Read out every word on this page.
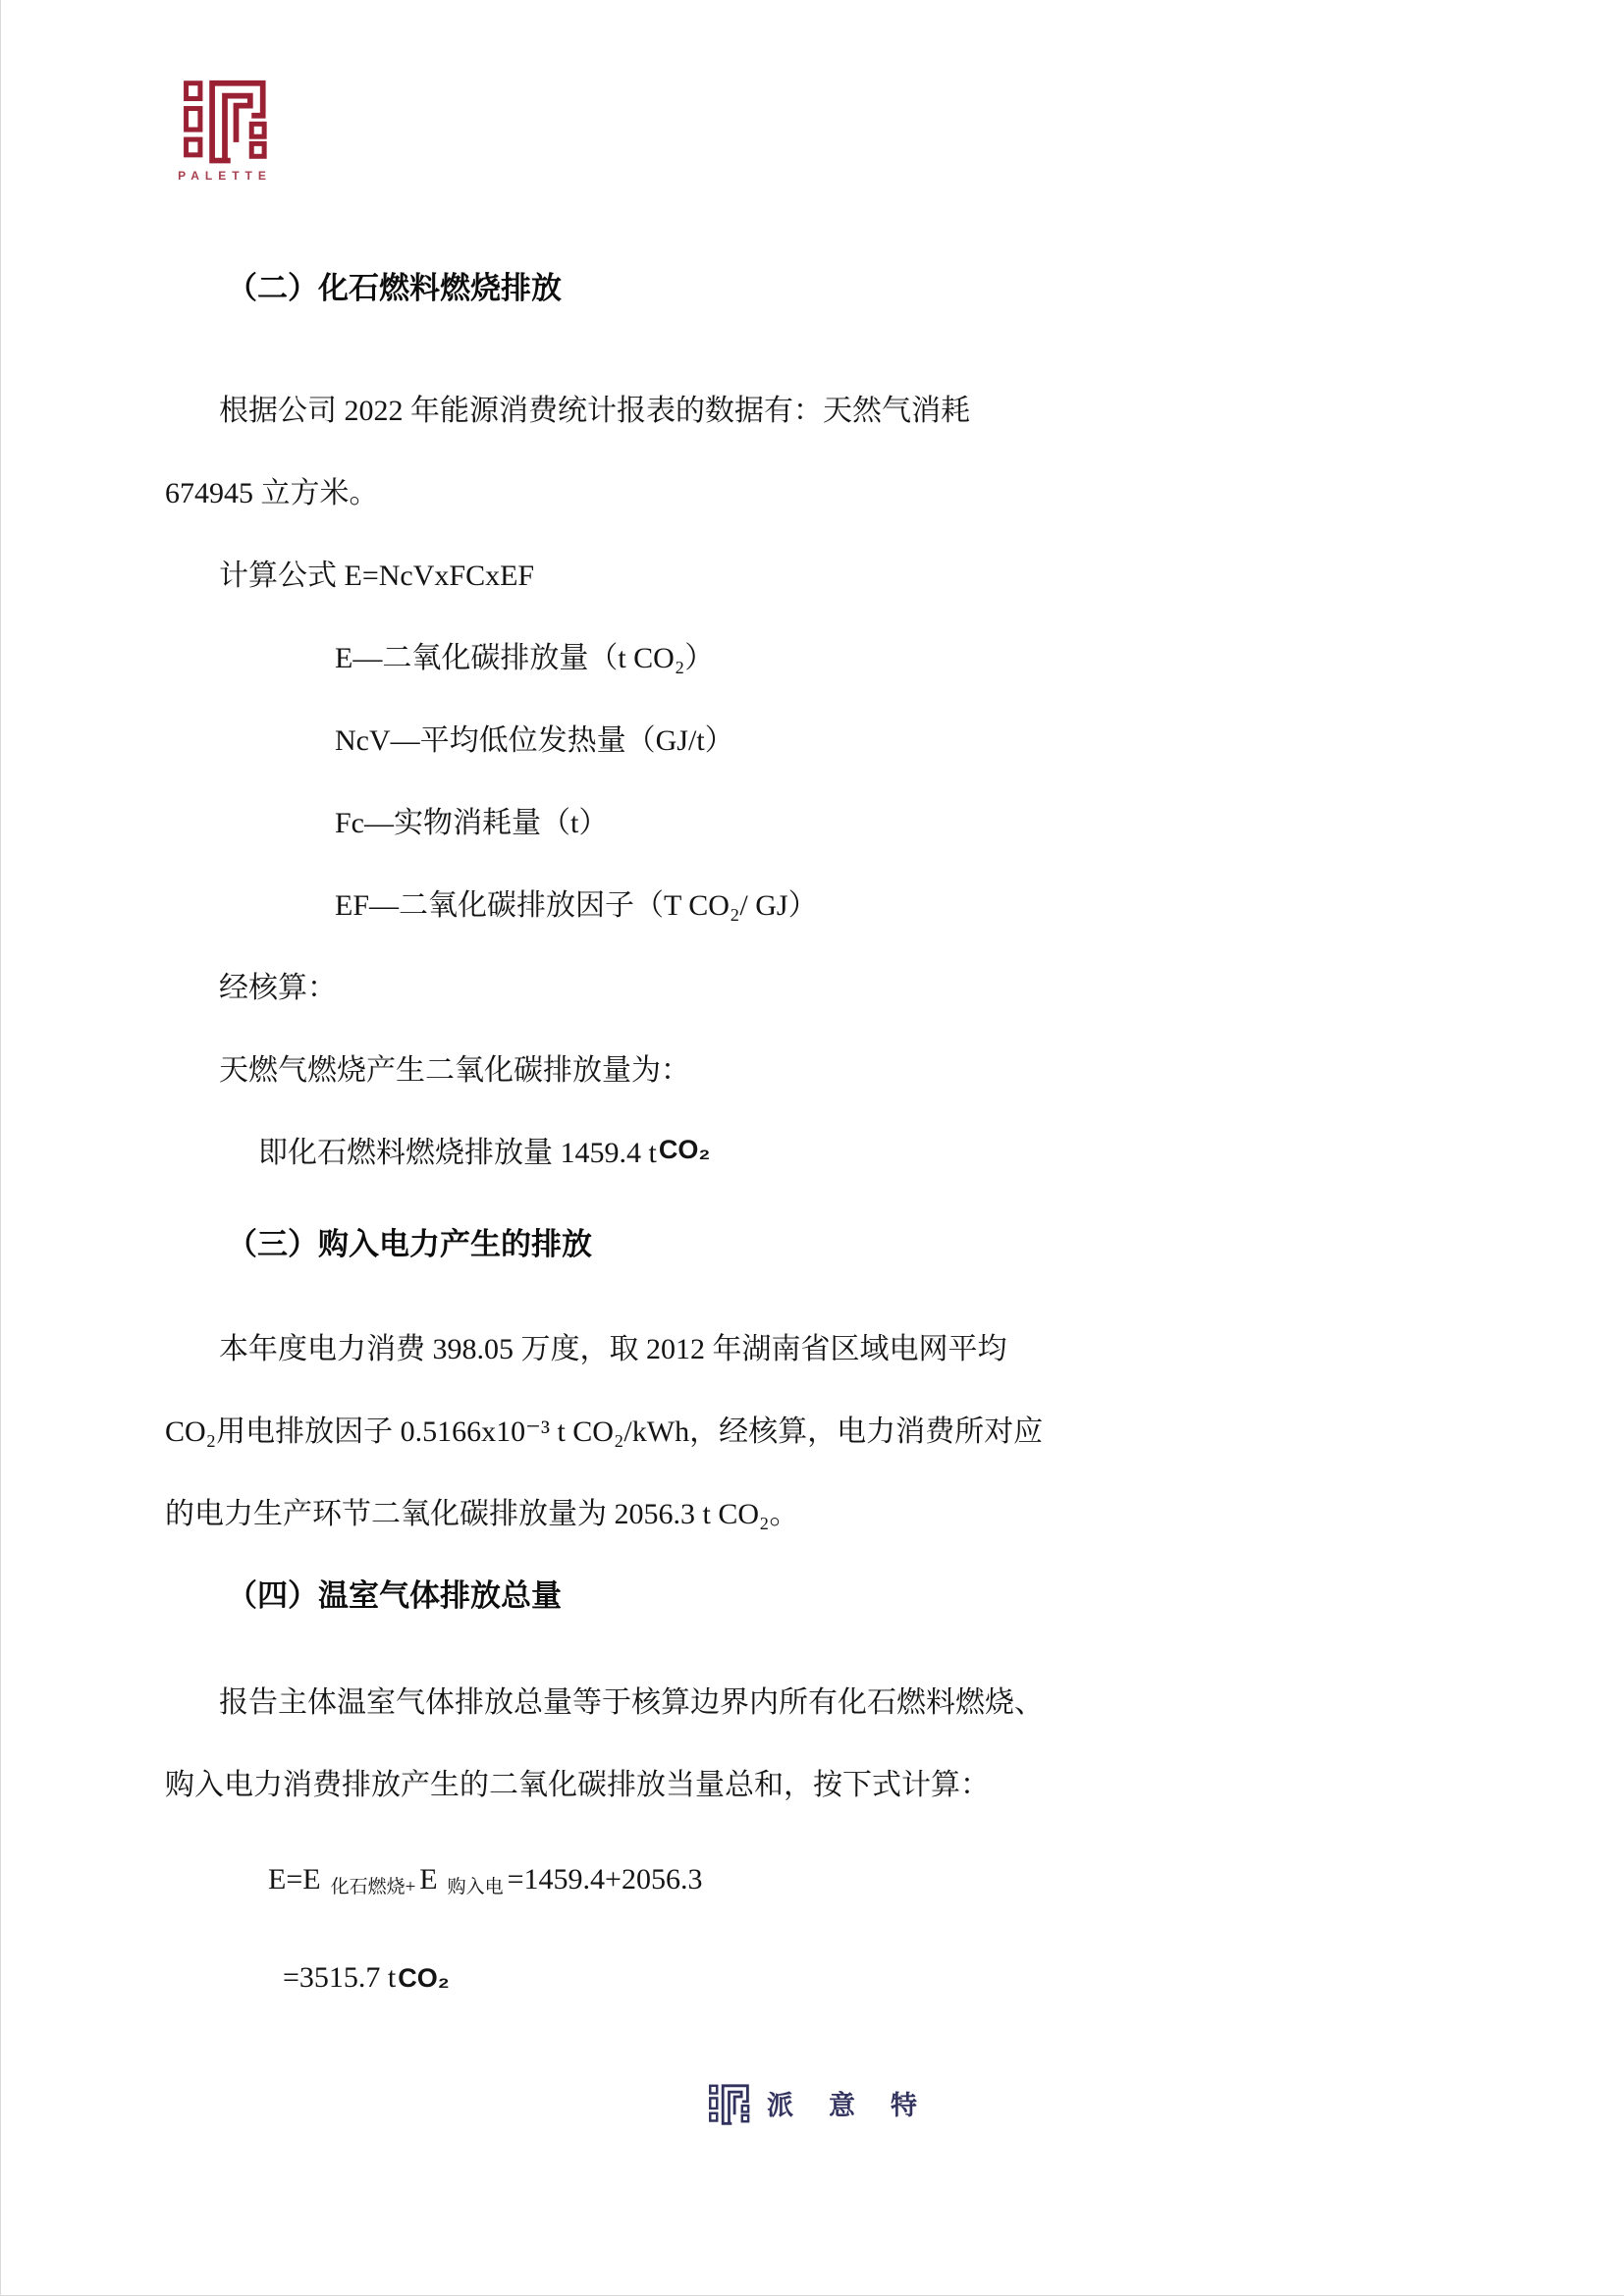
PALETTE
（二）化石燃料燃烧排放
根据公司 2022 年能源消费统计报表的数据有：天然气消耗
674945 立方米。
计算公式 E=NcVxFCxEF
E—二氧化碳排放量（t CO₂）
NcV—平均低位发热量（GJ/t）
Fc—实物消耗量（t）
EF—二氧化碳排放因子（T CO₂/ GJ）
经核算：
天燃气燃烧产生二氧化碳排放量为：
即化石燃料燃烧排放量 1459.4 t CO₂
（三）购入电力产生的排放
本年度电力消费 398.05 万度，取 2012 年湖南省区域电网平均
CO₂用电排放因子 0.5166x10⁻³ t CO₂/kWh，经核算，电力消费所对应
的电力生产环节二氧化碳排放量为 2056.3 t CO₂。
（四）温室气体排放总量
报告主体温室气体排放总量等于核算边界内所有化石燃料燃烧、
购入电力消费排放产生的二氧化碳排放当量总和，按下式计算：
E=E 化石燃烧+ E 购入电 =1459.4+2056.3
=3515.7 t CO₂
派意特
